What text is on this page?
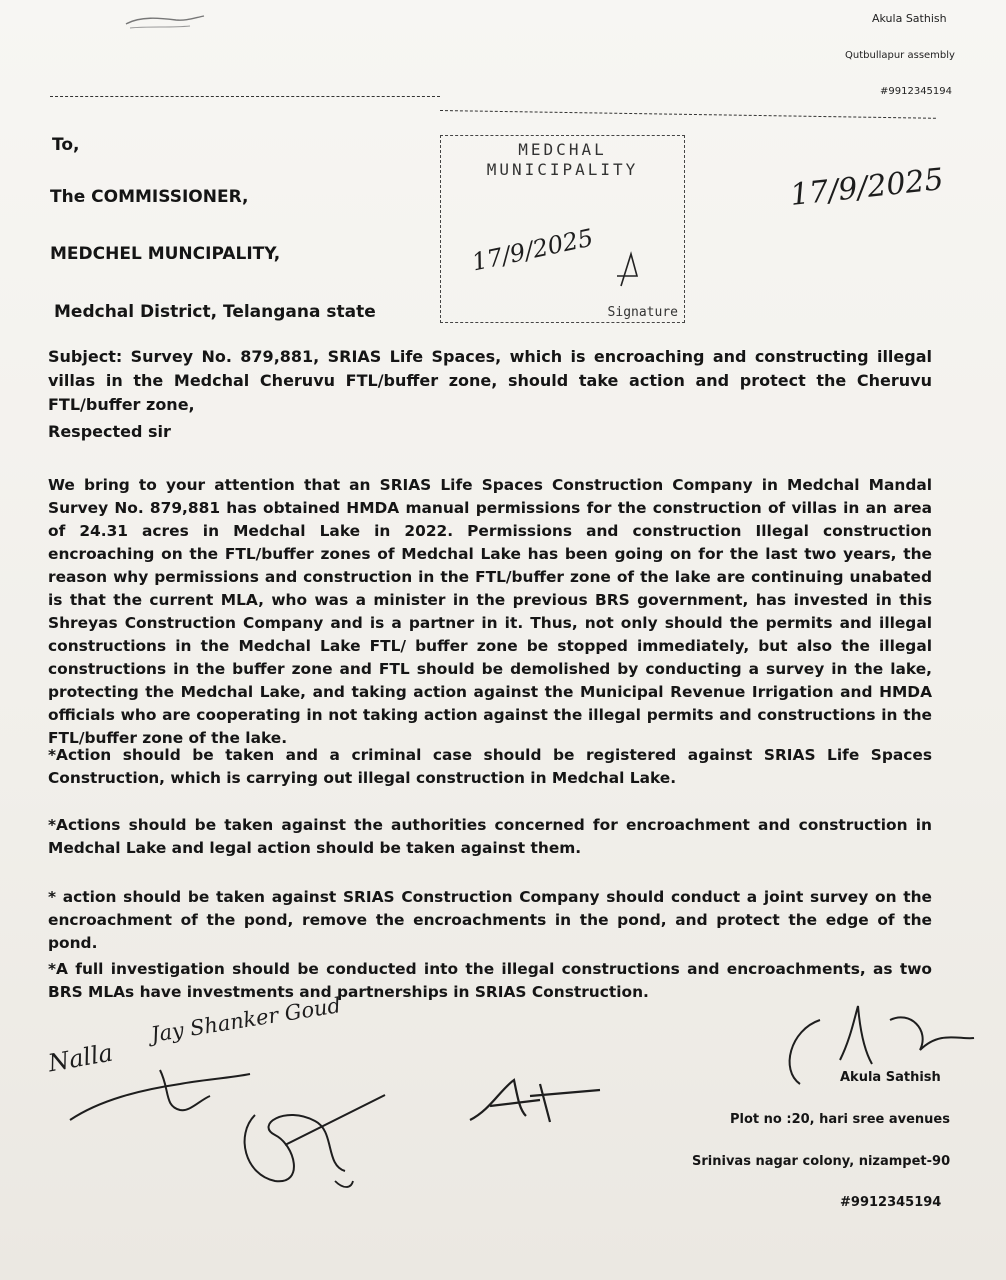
Akula Sathish
Qutbullapur assembly
#9912345194
To,
The COMMISSIONER,
MEDCHEL MUNCIPALITY,
Medchal District, Telangana state
MEDCHAL
MUNICIPALITY
17/9/2025
Signature
17/9/2025
Subject: Survey No. 879,881, SRIAS Life Spaces, which is encroaching and constructing illegal villas in the Medchal Cheruvu FTL/buffer zone, should take action and protect the Cheruvu FTL/buffer zone,
Respected sir
We bring to your attention that an SRIAS Life Spaces Construction Company in Medchal Mandal Survey No. 879,881 has obtained HMDA manual permissions for the construction of villas in an area of 24.31 acres in Medchal Lake in 2022. Permissions and construction Illegal construction encroaching on the FTL/buffer zones of Medchal Lake has been going on for the last two years, the reason why permissions and construction in the FTL/buffer zone of the lake are continuing unabated is that the current MLA, who was a minister in the previous BRS government, has invested in this Shreyas Construction Company and is a partner in it. Thus, not only should the permits and illegal constructions in the Medchal Lake FTL/ buffer zone be stopped immediately, but also the illegal constructions in the buffer zone and FTL should be demolished by conducting a survey in the lake, protecting the Medchal Lake, and taking action against the Municipal Revenue Irrigation and HMDA officials who are cooperating in not taking action against the illegal permits and constructions in the FTL/buffer zone of the lake.
*Action should be taken and a criminal case should be registered against SRIAS Life Spaces Construction, which is carrying out illegal construction in Medchal Lake.
*Actions should be taken against the authorities concerned for encroachment and construction in Medchal Lake and legal action should be taken against them.
* action should be taken against SRIAS Construction Company should conduct a joint survey on the encroachment of the pond, remove the encroachments in the pond, and protect the edge of the pond.
*A full investigation should be conducted into the illegal constructions and encroachments, as two BRS MLAs have investments and partnerships in SRIAS Construction.
Jay Shanker Goud
Nalla
Akula Sathish
Plot no :20, hari sree avenues
Srinivas nagar colony, nizampet-90
#9912345194
